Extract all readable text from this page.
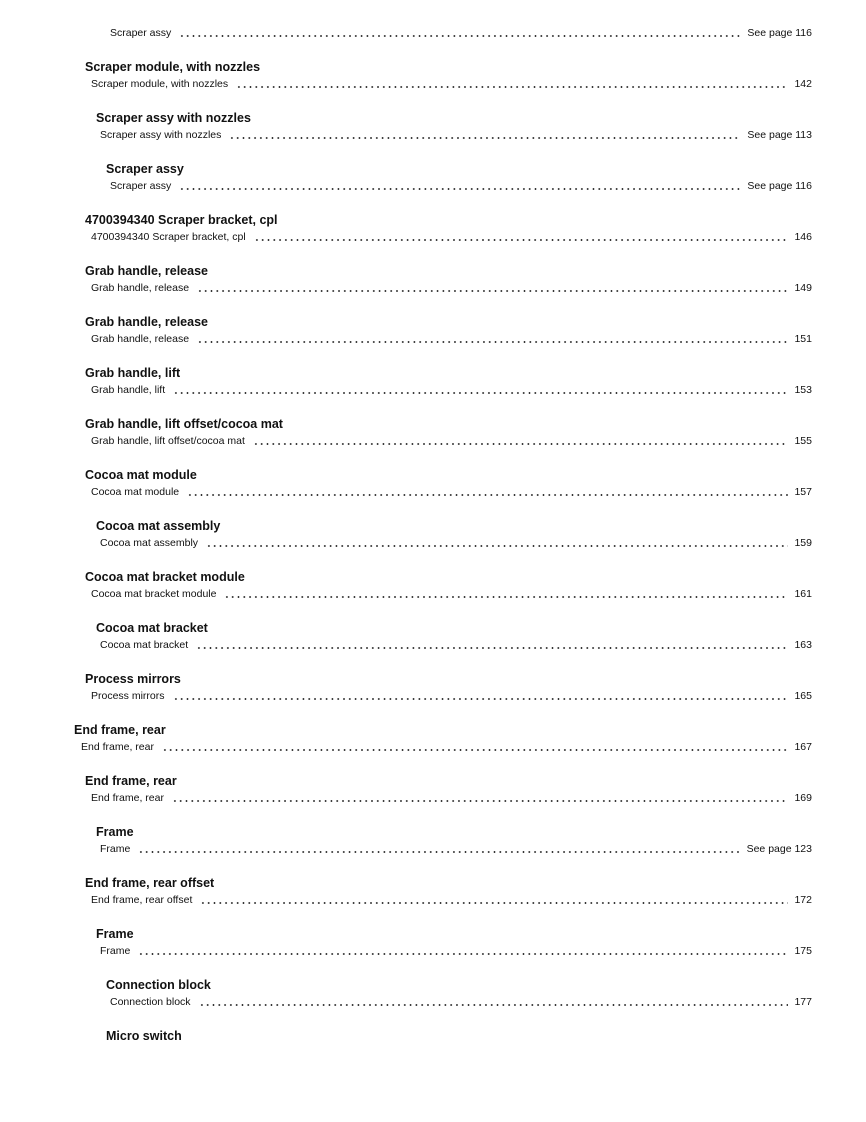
Scraper assy	See page 116
Scraper module, with nozzles
Scraper module, with nozzles	142
Scraper assy with nozzles
Scraper assy with nozzles	See page 113
Scraper assy
Scraper assy	See page 116
4700394340 Scraper bracket, cpl
4700394340 Scraper bracket, cpl	146
Grab handle, release
Grab handle, release	149
Grab handle, release
Grab handle, release	151
Grab handle, lift
Grab handle, lift	153
Grab handle, lift offset/cocoa mat
Grab handle, lift offset/cocoa mat	155
Cocoa mat module
Cocoa mat module	157
Cocoa mat assembly
Cocoa mat assembly	159
Cocoa mat bracket module
Cocoa mat bracket module	161
Cocoa mat bracket
Cocoa mat bracket	163
Process mirrors
Process mirrors	165
End frame, rear
End frame, rear	167
End frame, rear
End frame, rear	169
Frame
Frame	See page 123
End frame, rear offset
End frame, rear offset	172
Frame
Frame	175
Connection block
Connection block	177
Micro switch
